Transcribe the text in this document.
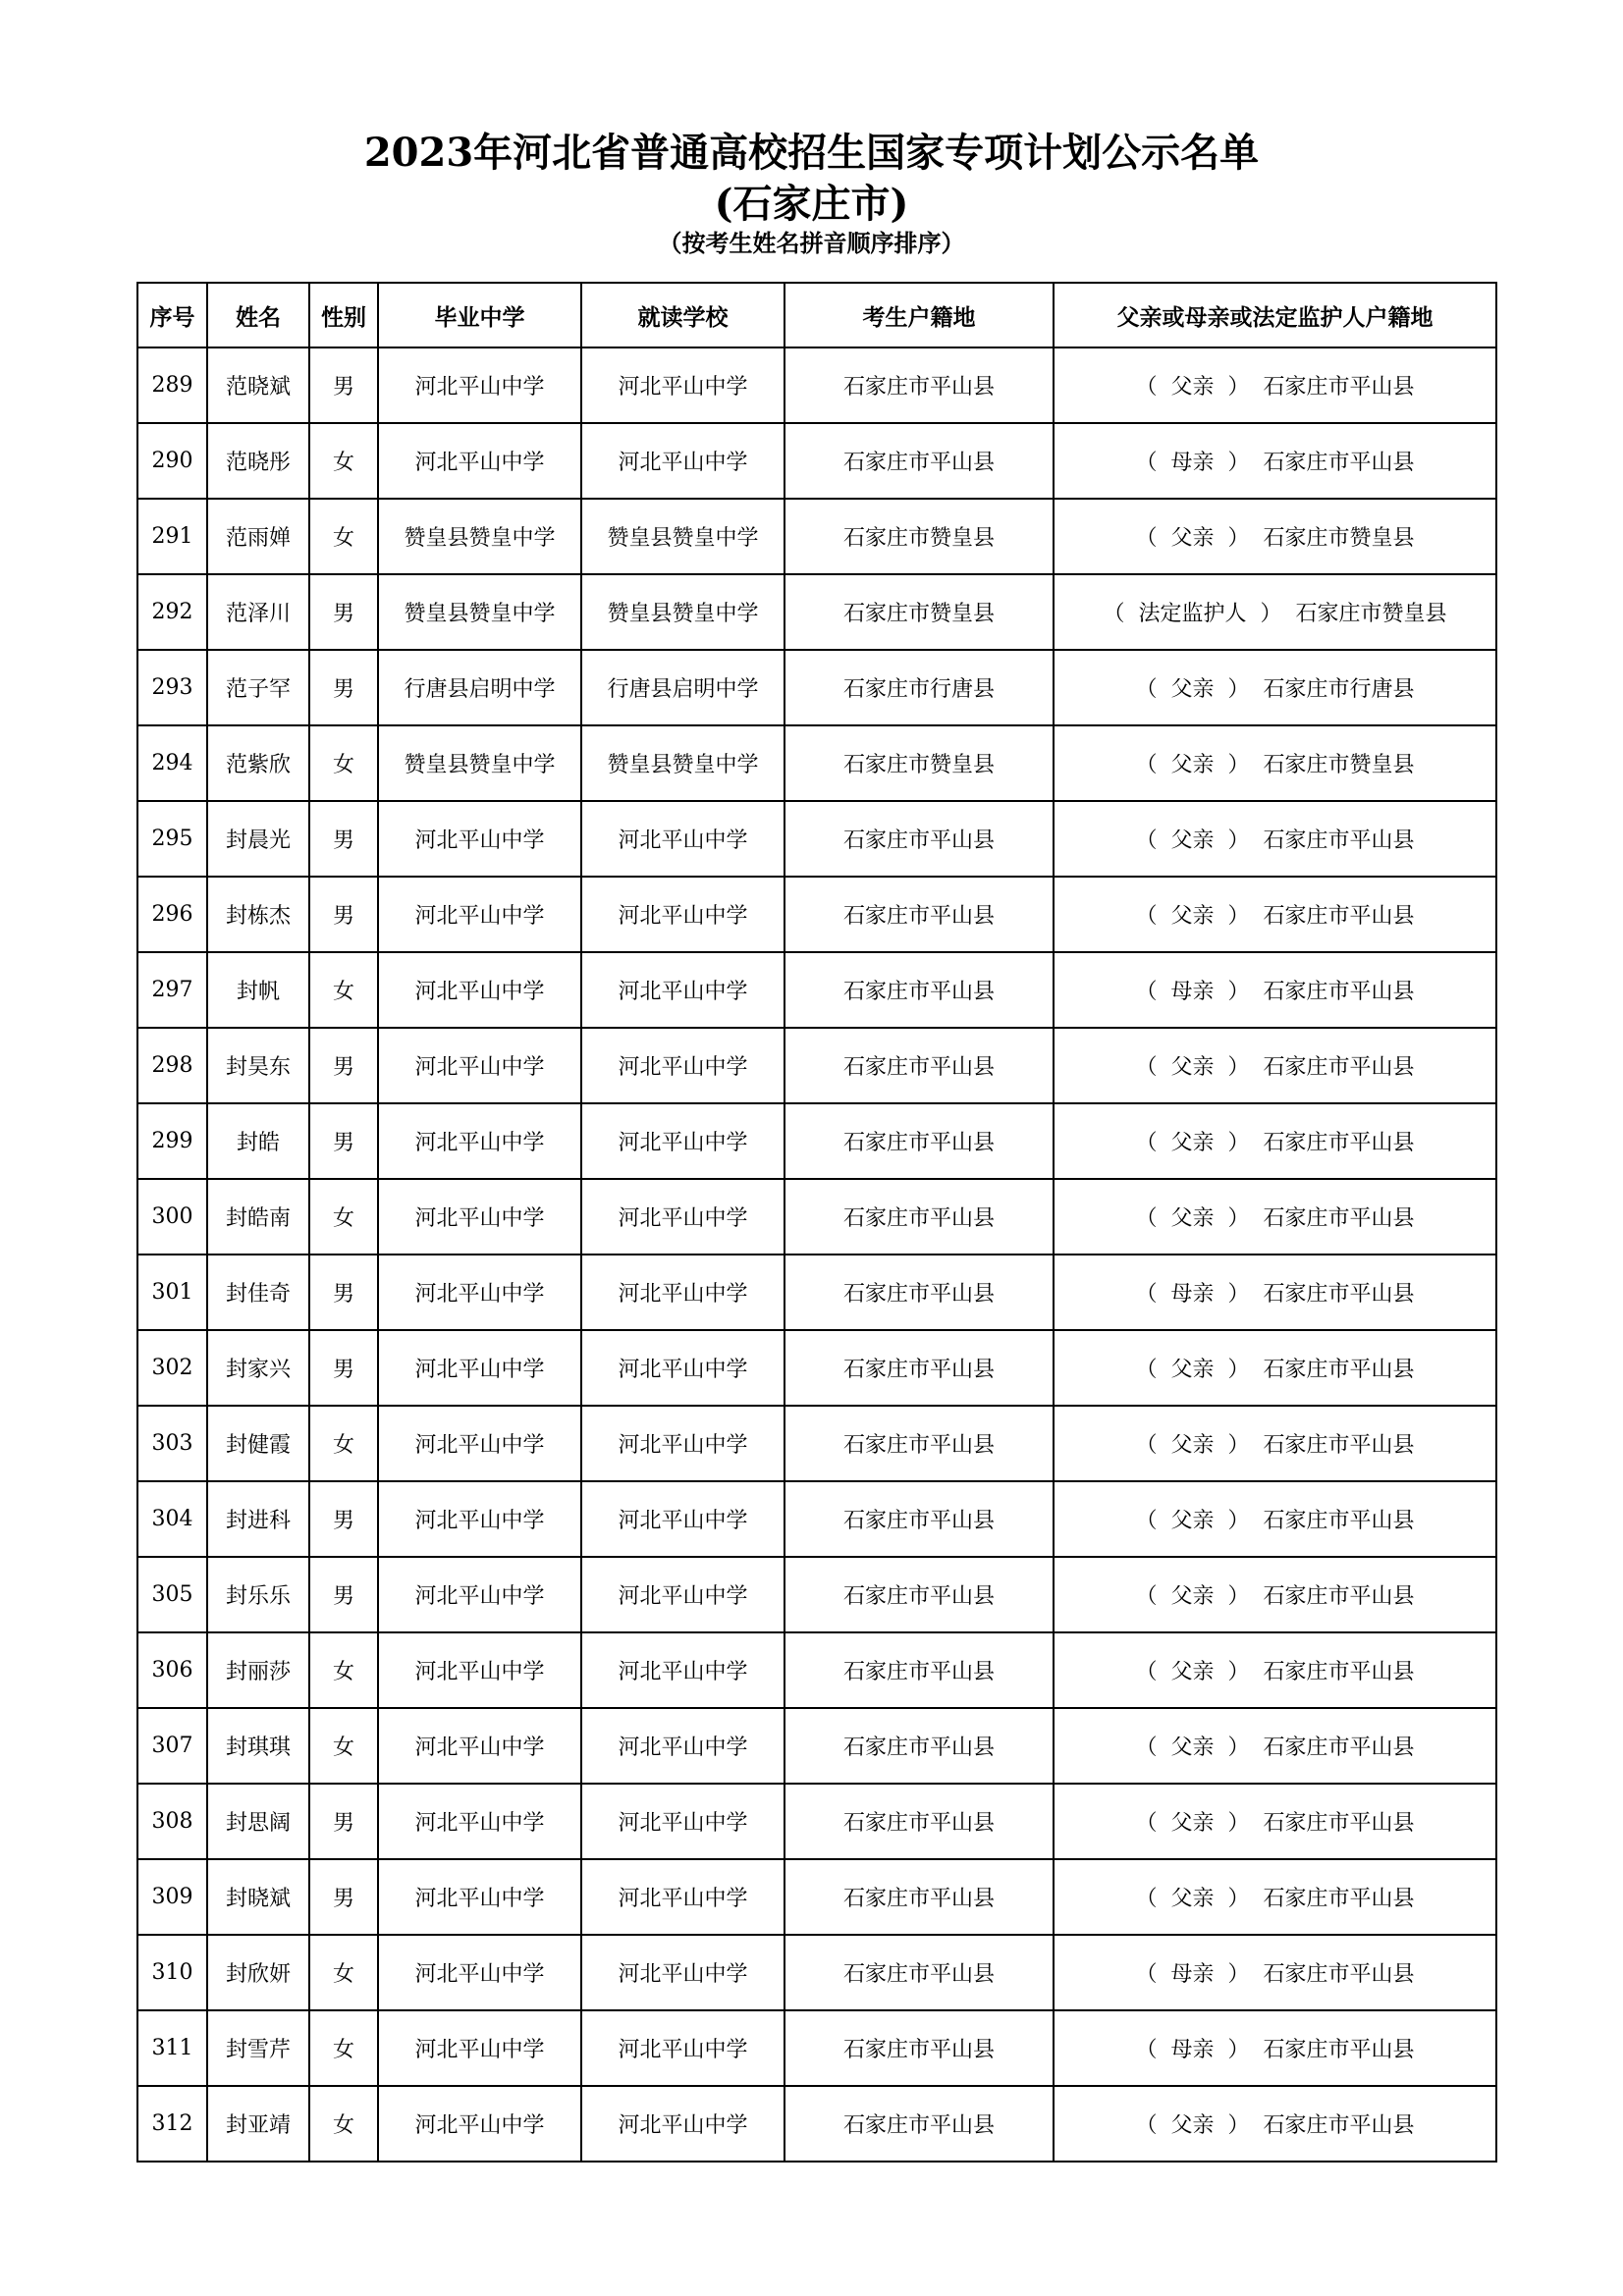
2023年河北省普通高校招生国家专项计划公示名单
(石家庄市)
（按考生姓名拼音顺序排序）
序号	姓名	性别	毕业中学	就读学校	考生户籍地	父亲或母亲或法定监护人户籍地
289	范晓斌	男	河北平山中学	河北平山中学	石家庄市平山县	（ 父亲 ） 石家庄市平山县
290	范晓彤	女	河北平山中学	河北平山中学	石家庄市平山县	（ 母亲 ） 石家庄市平山县
291	范雨婵	女	赞皇县赞皇中学	赞皇县赞皇中学	石家庄市赞皇县	（ 父亲 ） 石家庄市赞皇县
292	范泽川	男	赞皇县赞皇中学	赞皇县赞皇中学	石家庄市赞皇县	（ 法定监护人 ） 石家庄市赞皇县
293	范子罕	男	行唐县启明中学	行唐县启明中学	石家庄市行唐县	（ 父亲 ） 石家庄市行唐县
294	范紫欣	女	赞皇县赞皇中学	赞皇县赞皇中学	石家庄市赞皇县	（ 父亲 ） 石家庄市赞皇县
295	封晨光	男	河北平山中学	河北平山中学	石家庄市平山县	（ 父亲 ） 石家庄市平山县
296	封栋杰	男	河北平山中学	河北平山中学	石家庄市平山县	（ 父亲 ） 石家庄市平山县
297	封帆	女	河北平山中学	河北平山中学	石家庄市平山县	（ 母亲 ） 石家庄市平山县
298	封昊东	男	河北平山中学	河北平山中学	石家庄市平山县	（ 父亲 ） 石家庄市平山县
299	封皓	男	河北平山中学	河北平山中学	石家庄市平山县	（ 父亲 ） 石家庄市平山县
300	封皓南	女	河北平山中学	河北平山中学	石家庄市平山县	（ 父亲 ） 石家庄市平山县
301	封佳奇	男	河北平山中学	河北平山中学	石家庄市平山县	（ 母亲 ） 石家庄市平山县
302	封家兴	男	河北平山中学	河北平山中学	石家庄市平山县	（ 父亲 ） 石家庄市平山县
303	封健霞	女	河北平山中学	河北平山中学	石家庄市平山县	（ 父亲 ） 石家庄市平山县
304	封进科	男	河北平山中学	河北平山中学	石家庄市平山县	（ 父亲 ） 石家庄市平山县
305	封乐乐	男	河北平山中学	河北平山中学	石家庄市平山县	（ 父亲 ） 石家庄市平山县
306	封丽莎	女	河北平山中学	河北平山中学	石家庄市平山县	（ 父亲 ） 石家庄市平山县
307	封琪琪	女	河北平山中学	河北平山中学	石家庄市平山县	（ 父亲 ） 石家庄市平山县
308	封思阔	男	河北平山中学	河北平山中学	石家庄市平山县	（ 父亲 ） 石家庄市平山县
309	封晓斌	男	河北平山中学	河北平山中学	石家庄市平山县	（ 父亲 ） 石家庄市平山县
310	封欣妍	女	河北平山中学	河北平山中学	石家庄市平山县	（ 母亲 ） 石家庄市平山县
311	封雪芹	女	河北平山中学	河北平山中学	石家庄市平山县	（ 母亲 ） 石家庄市平山县
312	封亚靖	女	河北平山中学	河北平山中学	石家庄市平山县	（ 父亲 ） 石家庄市平山县
